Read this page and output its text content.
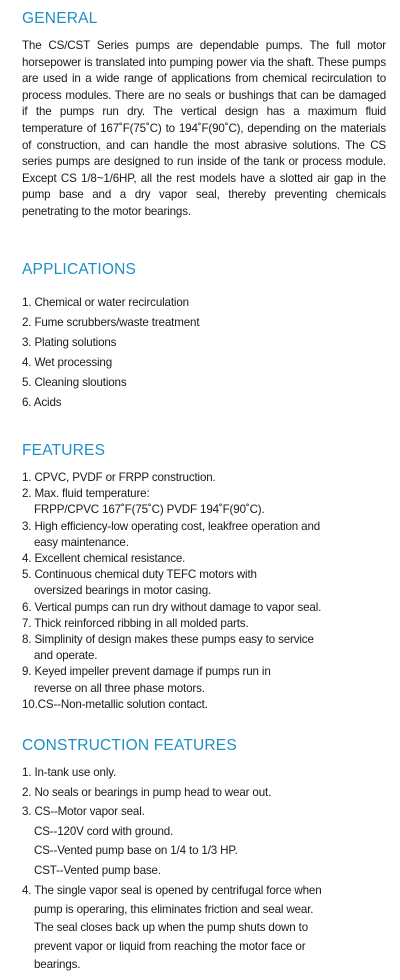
GENERAL

The CS/CST Series pumps are dependable pumps. The full motor horsepower is translated into pumping power via the shaft. These pumps are used in a wide range of applications from chemical recirculation to process modules. There are no seals or bushings that can be damaged if the pumps run dry. The vertical design has a maximum fluid temperature of 167˚F(75˚C) to 194˚F(90˚C), depending on the materials of construction, and can handle the most abrasive solutions. The CS series pumps are designed to run inside of the tank or process module. Except CS 1/8~1/6HP, all the rest models have a slotted air gap in the pump base and a dry vapor seal, thereby preventing chemicals penetrating to the motor bearings.

APPLICATIONS
1. Chemical or water recirculation
2. Fume scrubbers/waste treatment
3. Plating solutions
4. Wet processing
5. Cleaning sloutions
6. Acids
FEATURES
1. CPVC, PVDF or FRPP construction.
2. Max. fluid temperature:
FRPP/CPVC 167˚F(75˚C) PVDF 194˚F(90˚C).
3. High efficiency-low operating cost, leakfree operation and
easy maintenance.
4. Excellent chemical resistance.
5. Continuous chemical duty TEFC motors with
oversized bearings in motor casing.
6. Vertical pumps can run dry without damage to vapor seal.
7. Thick reinforced ribbing in all molded parts.
8. Simplinity of design makes these pumps easy to service
and operate.
9. Keyed impeller prevent damage if pumps run in
reverse on all three phase motors.
10.CS--Non-metallic solution contact.
CONSTRUCTION FEATURES
1. In-tank use only.
2. No seals or bearings in pump head to wear out.
3. CS--Motor vapor seal.
CS--120V cord with ground.
CS--Vented pump base on 1/4 to 1/3 HP.
CST--Vented pump base.
4. The single vapor seal is opened by centrifugal force when
pump is operaring, this eliminates friction and seal wear.
The seal closes back up when the pump shuts down to
prevent vapor or liquid from reaching the motor face or
bearings.
